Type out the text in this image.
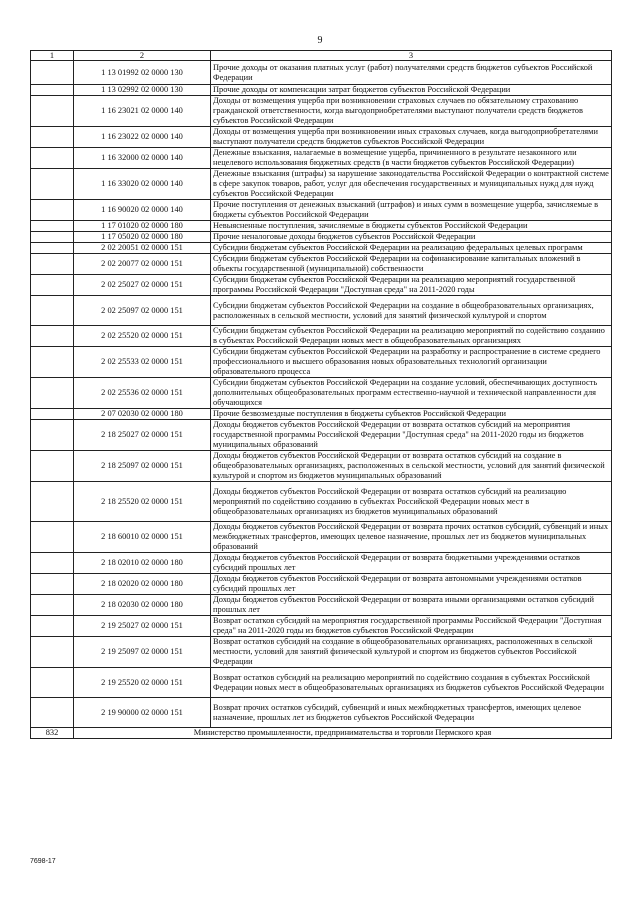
9
1	2	3
	1 13 01992 02 0000 130	Прочие доходы от оказания платных услуг (работ) получателями средств бюджетов субъектов Российской Федерации
	1 13 02992 02 0000 130	Прочие доходы от компенсации затрат бюджетов субъектов Российской Федерации
	1 16 23021 02 0000 140	Доходы от возмещения ущерба при возникновении страховых случаев по обязательному страхованию гражданской ответственности, когда выгодоприобретателями выступают получатели средств бюджетов субъектов Российской Федерации
	1 16 23022 02 0000 140	Доходы от возмещения ущерба при возникновении иных страховых случаев, когда выгодоприобретателями выступают получатели средств бюджетов субъектов Российской Федерации
	1 16 32000 02 0000 140	Денежные взыскания, налагаемые в возмещение ущерба, причиненного в результате незаконного или нецелевого использования бюджетных средств (в части бюджетов субъектов Российской Федерации)
	1 16 33020 02 0000 140	Денежные взыскания (штрафы) за нарушение законодательства Российской Федерации о контрактной системе в сфере закупок товаров, работ, услуг для обеспечения государственных и муниципальных нужд для нужд субъектов Российской Федерации
	1 16 90020 02 0000 140	Прочие поступления от денежных взысканий (штрафов) и иных сумм в возмещение ущерба, зачисляемые в бюджеты субъектов Российской Федерации
	1 17 01020 02 0000 180	Невыясненные поступления, зачисляемые в бюджеты субъектов Российской Федерации
	1 17 05020 02 0000 180	Прочие неналоговые доходы бюджетов субъектов Российской Федерации
	2 02 20051 02 0000 151	Субсидии бюджетам субъектов Российской Федерации на реализацию федеральных целевых программ
	2 02 20077 02 0000 151	Субсидии бюджетам субъектов Российской Федерации на софинансирование капитальных вложений в объекты государственной (муниципальной) собственности
	2 02 25027 02 0000 151	Субсидии бюджетам субъектов Российской Федерации на реализацию мероприятий государственной программы Российской Федерации "Доступная среда" на 2011-2020 годы
	2 02 25097 02 0000 151	Субсидии бюджетам субъектов Российской Федерации на создание в общеобразовательных организациях, расположенных в сельской местности, условий для занятий физической культурой и спортом
	2 02 25520 02 0000 151	Субсидии бюджетам субъектов Российской Федерации на реализацию мероприятий по содействию созданию в субъектах Российской Федерации новых мест в общеобразовательных организациях
	2 02 25533 02 0000 151	Субсидии бюджетам субъектов Российской Федерации на разработку и распространение в системе среднего профессионального и высшего образования новых образовательных технологий организации образовательного процесса
	2 02 25536 02 0000 151	Субсидии бюджетам субъектов Российской Федерации на создание условий, обеспечивающих доступность дополнительных общеобразовательных программ естественно-научной и технической направленности для обучающихся
	2 07 02030 02 0000 180	Прочие безвозмездные поступления в бюджеты субъектов Российской Федерации
	2 18 25027 02 0000 151	Доходы бюджетов субъектов Российской Федерации от возврата остатков субсидий на мероприятия государственной программы Российской Федерации "Доступная среда" на 2011-2020 годы из бюджетов муниципальных образований
	2 18 25097 02 0000 151	Доходы бюджетов субъектов Российской Федерации от возврата остатков субсидий на создание в общеобразовательных организациях, расположенных в сельской местности, условий для занятий физической культурой и спортом из бюджетов муниципальных образований
	2 18 25520 02 0000 151	Доходы бюджетов субъектов Российской Федерации от возврата остатков субсидий на реализацию мероприятий по содействию созданию в субъектах Российской Федерации новых мест в общеобразовательных организациях из бюджетов муниципальных образований
	2 18 60010 02 0000 151	Доходы бюджетов субъектов Российской Федерации от возврата прочих остатков субсидий, субвенций и иных межбюджетных трансфертов, имеющих целевое назначение, прошлых лет из бюджетов муниципальных образований
	2 18 02010 02 0000 180	Доходы бюджетов субъектов Российской Федерации от возврата бюджетными учреждениями остатков субсидий прошлых лет
	2 18 02020 02 0000 180	Доходы бюджетов субъектов Российской Федерации от возврата автономными учреждениями остатков субсидий прошлых лет
	2 18 02030 02 0000 180	Доходы бюджетов субъектов Российской Федерации от возврата иными организациями остатков субсидий прошлых лет
	2 19 25027 02 0000 151	Возврат остатков субсидий на мероприятия государственной программы Российской Федерации "Доступная среда" на 2011-2020 годы из бюджетов субъектов Российской Федерации
	2 19 25097 02 0000 151	Возврат остатков субсидий на создание в общеобразовательных организациях, расположенных в сельской местности, условий для занятий физической культурой и спортом из бюджетов субъектов Российской Федерации
	2 19 25520 02 0000 151	Возврат остатков субсидий на реализацию мероприятий по содействию создания в субъектах Российской Федерации новых мест в общеобразовательных организациях из бюджетов субъектов Российской Федерации
	2 19 90000 02 0000 151	Возврат прочих остатков субсидий, субвенций и иных межбюджетных трансфертов, имеющих целевое назначение, прошлых лет из бюджетов субъектов Российской Федерации
832	Министерство промышленности, предпринимательства и торговли Пермского края	
7698-17
